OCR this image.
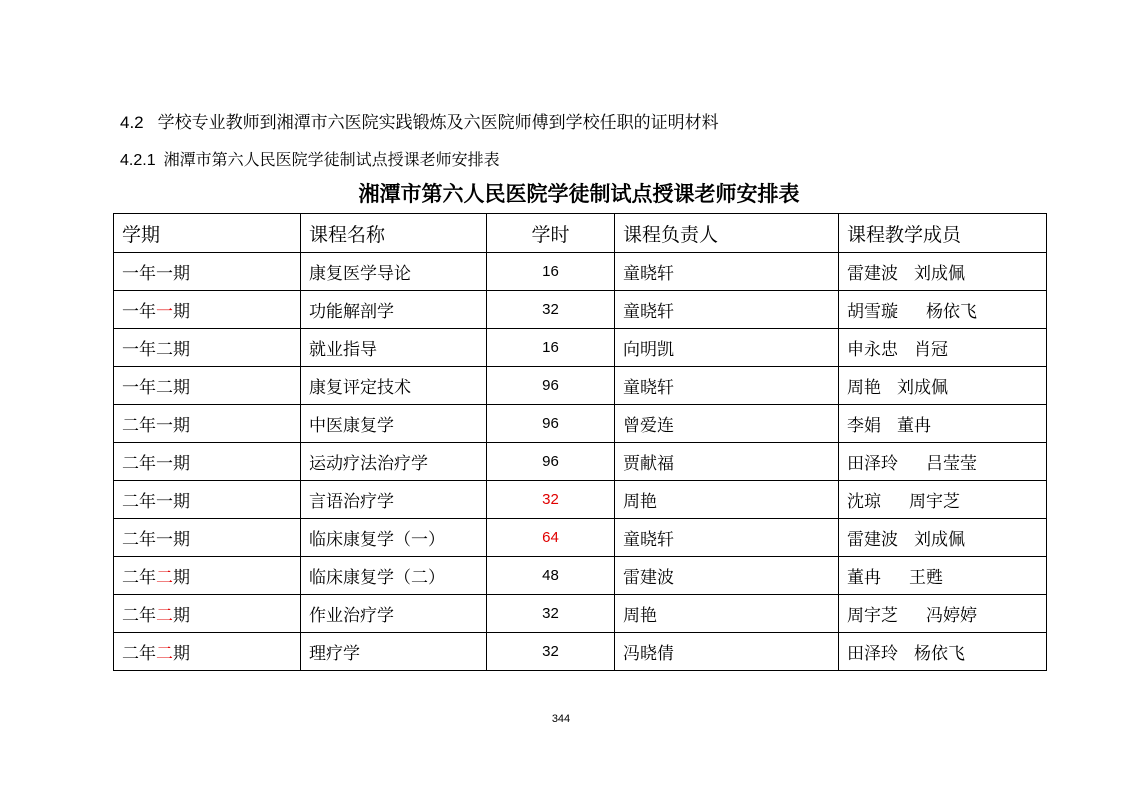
4.2 学校专业教师到湘潭市六医院实践锻炼及六医院师傅到学校任职的证明材料
4.2.1 湘潭市第六人民医院学徒制试点授课老师安排表
湘潭市第六人民医院学徒制试点授课老师安排表
学期	课程名称	学时	课程负责人	课程教学成员
一年一期	康复医学导论	16	童晓轩	雷建波 刘成佩
一年一期	功能解剖学	32	童晓轩	胡雪璇 杨依飞
一年二期	就业指导	16	向明凯	申永忠 肖冠
一年二期	康复评定技术	96	童晓轩	周艳 刘成佩
二年一期	中医康复学	96	曾爱连	李娟 董冉
二年一期	运动疗法治疗学	96	贾献福	田泽玲 吕莹莹
二年一期	言语治疗学	32	周艳	沈琼 周宇芝
二年一期	临床康复学（一）	64	童晓轩	雷建波 刘成佩
二年二期	临床康复学（二）	48	雷建波	董冉 王甦
二年二期	作业治疗学	32	周艳	周宇芝 冯婷婷
二年二期	理疗学	32	冯晓倩	田泽玲 杨依飞
344
